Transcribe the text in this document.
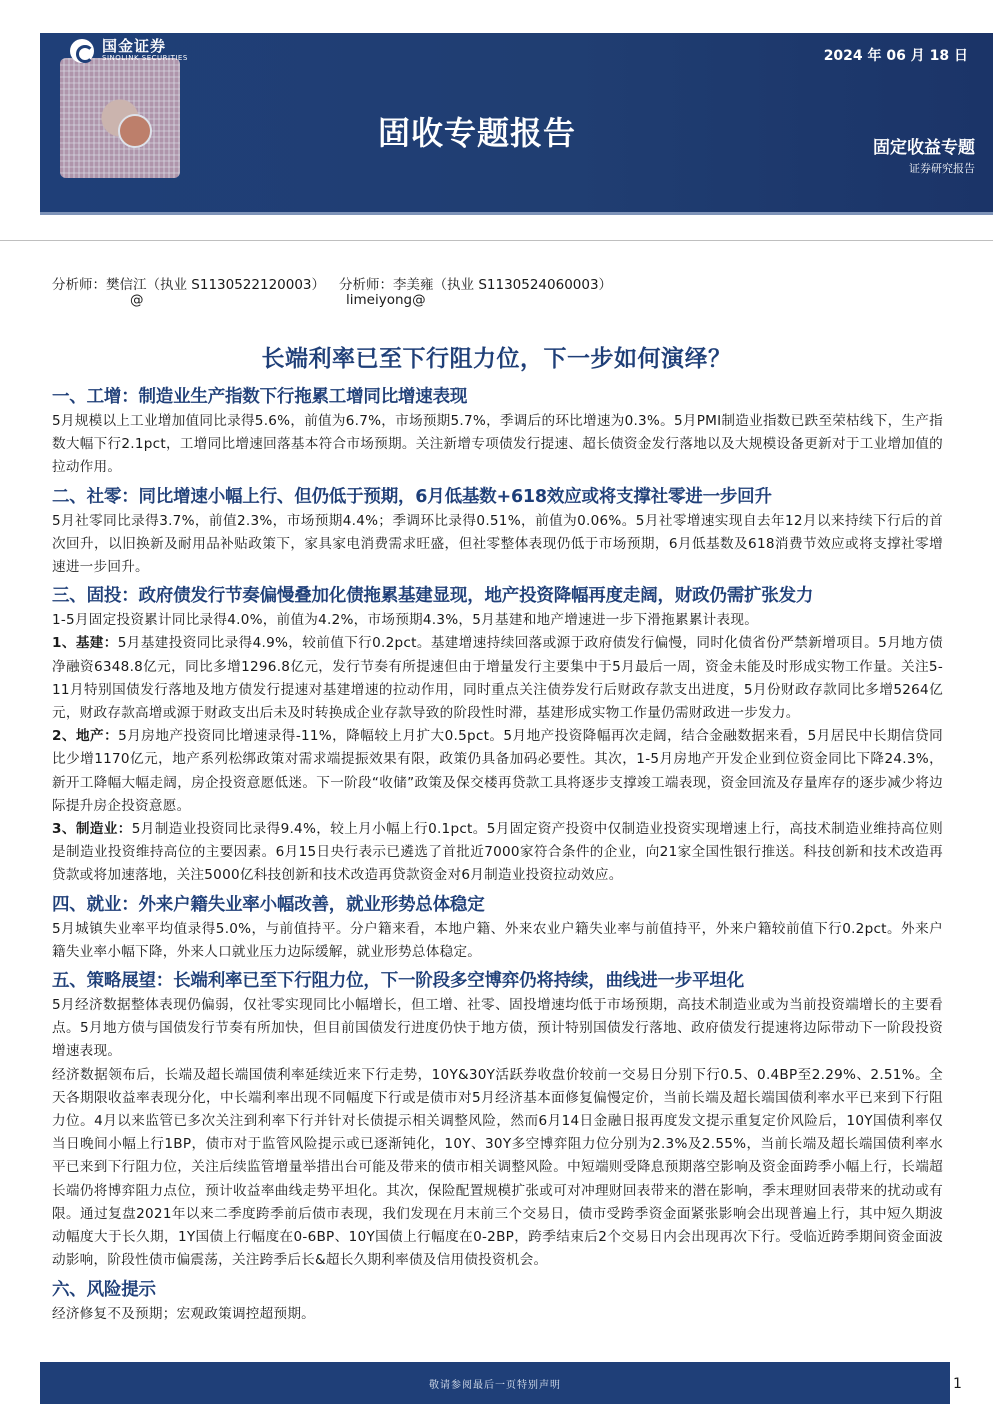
国金证券
SINOLINK SECURITIES	2024 年 06 月 18 日
固收专题报告	固定收益专题
证券研究报告
分析师：樊信江（执业 S1130522120003） 分析师：李美雍（执业 S1130524060003）
@	limeiyong@
长端利率已至下行阻力位，下一步如何演绎？
一、工增：制造业生产指数下行拖累工增同比增速表现

5月规模以上工业增加值同比录得5.6%，前值为6.7%，市场预期5.7%，季调后的环比增速为0.3%。5月PMI制造业指数已跌至荣枯线下，生产指数大幅下行2.1pct，工增同比增速回落基本符合市场预期。关注新增专项债发行提速、超长债资金发行落地以及大规模设备更新对于工业增加值的拉动作用。

二、社零：同比增速小幅上行、但仍低于预期，6月低基数+618效应或将支撑社零进一步回升

5月社零同比录得3.7%，前值2.3%，市场预期4.4%；季调环比录得0.51%，前值为0.06%。5月社零增速实现自去年12月以来持续下行后的首次回升，以旧换新及耐用品补贴政策下，家具家电消费需求旺盛，但社零整体表现仍低于市场预期，6月低基数及618消费节效应或将支撑社零增速进一步回升。

三、固投：政府债发行节奏偏慢叠加化债拖累基建显现，地产投资降幅再度走阔，财政仍需扩张发力

1-5月固定投资累计同比录得4.0%，前值为4.2%，市场预期4.3%，5月基建和地产增速进一步下滑拖累累计表现。

1、基建：5月基建投资同比录得4.9%，较前值下行0.2pct。基建增速持续回落或源于政府债发行偏慢，同时化债省份严禁新增项目。5月地方债净融资6348.8亿元，同比多增1296.8亿元，发行节奏有所提速但由于增量发行主要集中于5月最后一周，资金未能及时形成实物工作量。关注5-11月特别国债发行落地及地方债发行提速对基建增速的拉动作用，同时重点关注债券发行后财政存款支出进度，5月份财政存款同比多增5264亿元，财政存款高增或源于财政支出后未及时转换成企业存款导致的阶段性时滞，基建形成实物工作量仍需财政进一步发力。

2、地产：5月房地产投资同比增速录得-11%，降幅较上月扩大0.5pct。5月地产投资降幅再次走阔，结合金融数据来看，5月居民中长期信贷同比少增1170亿元，地产系列松绑政策对需求端提振效果有限，政策仍具备加码必要性。其次，1-5月房地产开发企业到位资金同比下降24.3%，新开工降幅大幅走阔，房企投资意愿低迷。下一阶段“收储”政策及保交楼再贷款工具将逐步支撑竣工端表现，资金回流及存量库存的逐步减少将边际提升房企投资意愿。

3、制造业：5月制造业投资同比录得9.4%，较上月小幅上行0.1pct。5月固定资产投资中仅制造业投资实现增速上行，高技术制造业维持高位则是制造业投资维持高位的主要因素。6月15日央行表示已遴选了首批近7000家符合条件的企业，向21家全国性银行推送。科技创新和技术改造再贷款或将加速落地，关注5000亿科技创新和技术改造再贷款资金对6月制造业投资拉动效应。

四、就业：外来户籍失业率小幅改善，就业形势总体稳定

5月城镇失业率平均值录得5.0%，与前值持平。分户籍来看，本地户籍、外来农业户籍失业率与前值持平，外来户籍较前值下行0.2pct。外来户籍失业率小幅下降，外来人口就业压力边际缓解，就业形势总体稳定。

五、策略展望：长端利率已至下行阻力位，下一阶段多空博弈仍将持续，曲线进一步平坦化

5月经济数据整体表现仍偏弱，仅社零实现同比小幅增长，但工增、社零、固投增速均低于市场预期，高技术制造业或为当前投资端增长的主要看点。5月地方债与国债发行节奏有所加快，但目前国债发行进度仍快于地方债，预计特别国债发行落地、政府债发行提速将边际带动下一阶段投资增速表现。

经济数据领布后，长端及超长端国债利率延续近来下行走势，10Y&30Y活跃券收盘价较前一交易日分别下行0.5、0.4BP至2.29%、2.51%。全天各期限收益率表现分化，中长端利率出现不同幅度下行或是债市对5月经济基本面修复偏慢定价，当前长端及超长端国债利率水平已来到下行阻力位。4月以来监管已多次关注到利率下行并针对长债提示相关调整风险，然而6月14日金融日报再度发文提示重复定价风险后，10Y国债利率仅当日晚间小幅上行1BP，债市对于监管风险提示或已逐渐钝化，10Y、30Y多空博弈阻力位分别为2.3%及2.55%，当前长端及超长端国债利率水平已来到下行阻力位，关注后续监管增量举措出台可能及带来的债市相关调整风险。中短端则受降息预期落空影响及资金面跨季小幅上行，长端超长端仍将博弈阻力点位，预计收益率曲线走势平坦化。其次，保险配置规模扩张或可对冲理财回表带来的潜在影响，季末理财回表带来的扰动或有限。通过复盘2021年以来二季度跨季前后债市表现，我们发现在月末前三个交易日，债市受跨季资金面紧张影响会出现普遍上行，其中短久期波动幅度大于长久期，1Y国债上行幅度在0-6BP、10Y国债上行幅度在0-2BP，跨季结束后2个交易日内会出现再次下行。受临近跨季期间资金面波动影响，阶段性债市偏震荡，关注跨季后长&超长久期利率债及信用债投资机会。

六、风险提示

经济修复不及预期；宏观政策调控超预期。

敬请参阅最后一页特别声明	1
